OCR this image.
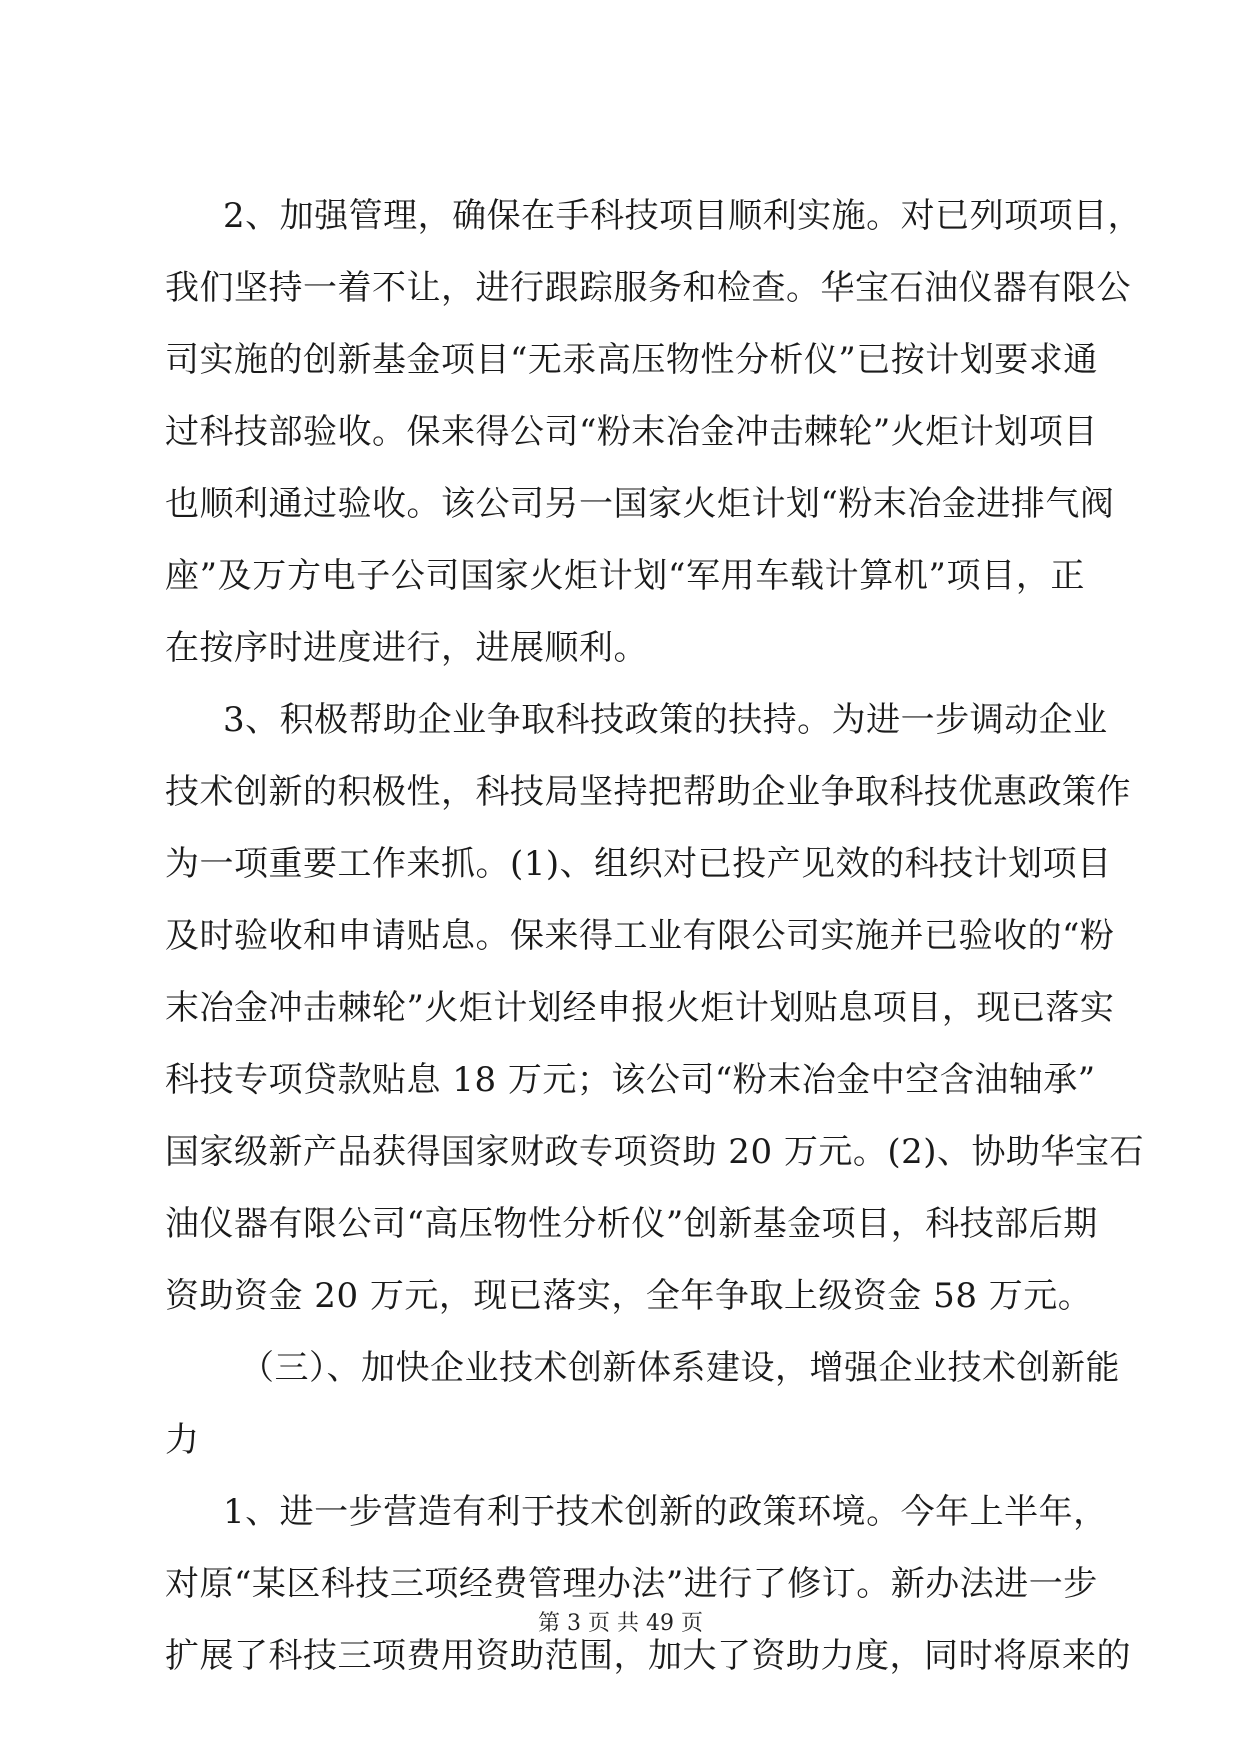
2、加强管理，确保在手科技项目顺利实施。对已列项项目，
我们坚持一着不让，进行跟踪服务和检查。华宝石油仪器有限公
司实施的创新基金项目“无汞高压物性分析仪”已按计划要求通
过科技部验收。保来得公司“粉末冶金冲击棘轮”火炬计划项目
也顺利通过验收。该公司另一国家火炬计划“粉末冶金进排气阀
座”及万方电子公司国家火炬计划“军用车载计算机”项目，正
在按序时进度进行，进展顺利。
3、积极帮助企业争取科技政策的扶持。为进一步调动企业
技术创新的积极性，科技局坚持把帮助企业争取科技优惠政策作
为一项重要工作来抓。(1)、组织对已投产见效的科技计划项目
及时验收和申请贴息。保来得工业有限公司实施并已验收的“粉
末冶金冲击棘轮”火炬计划经申报火炬计划贴息项目，现已落实
科技专项贷款贴息 18 万元；该公司“粉末冶金中空含油轴承”
国家级新产品获得国家财政专项资助 20 万元。(2)、协助华宝石
油仪器有限公司“高压物性分析仪”创新基金项目，科技部后期
资助资金 20 万元，现已落实，全年争取上级资金 58 万元。
（三）、加快企业技术创新体系建设，增强企业技术创新能
力
1、进一步营造有利于技术创新的政策环境。今年上半年，
对原“某区科技三项经费管理办法”进行了修订。新办法进一步
扩展了科技三项费用资助范围，加大了资助力度，同时将原来的
第 3 页 共 49 页
